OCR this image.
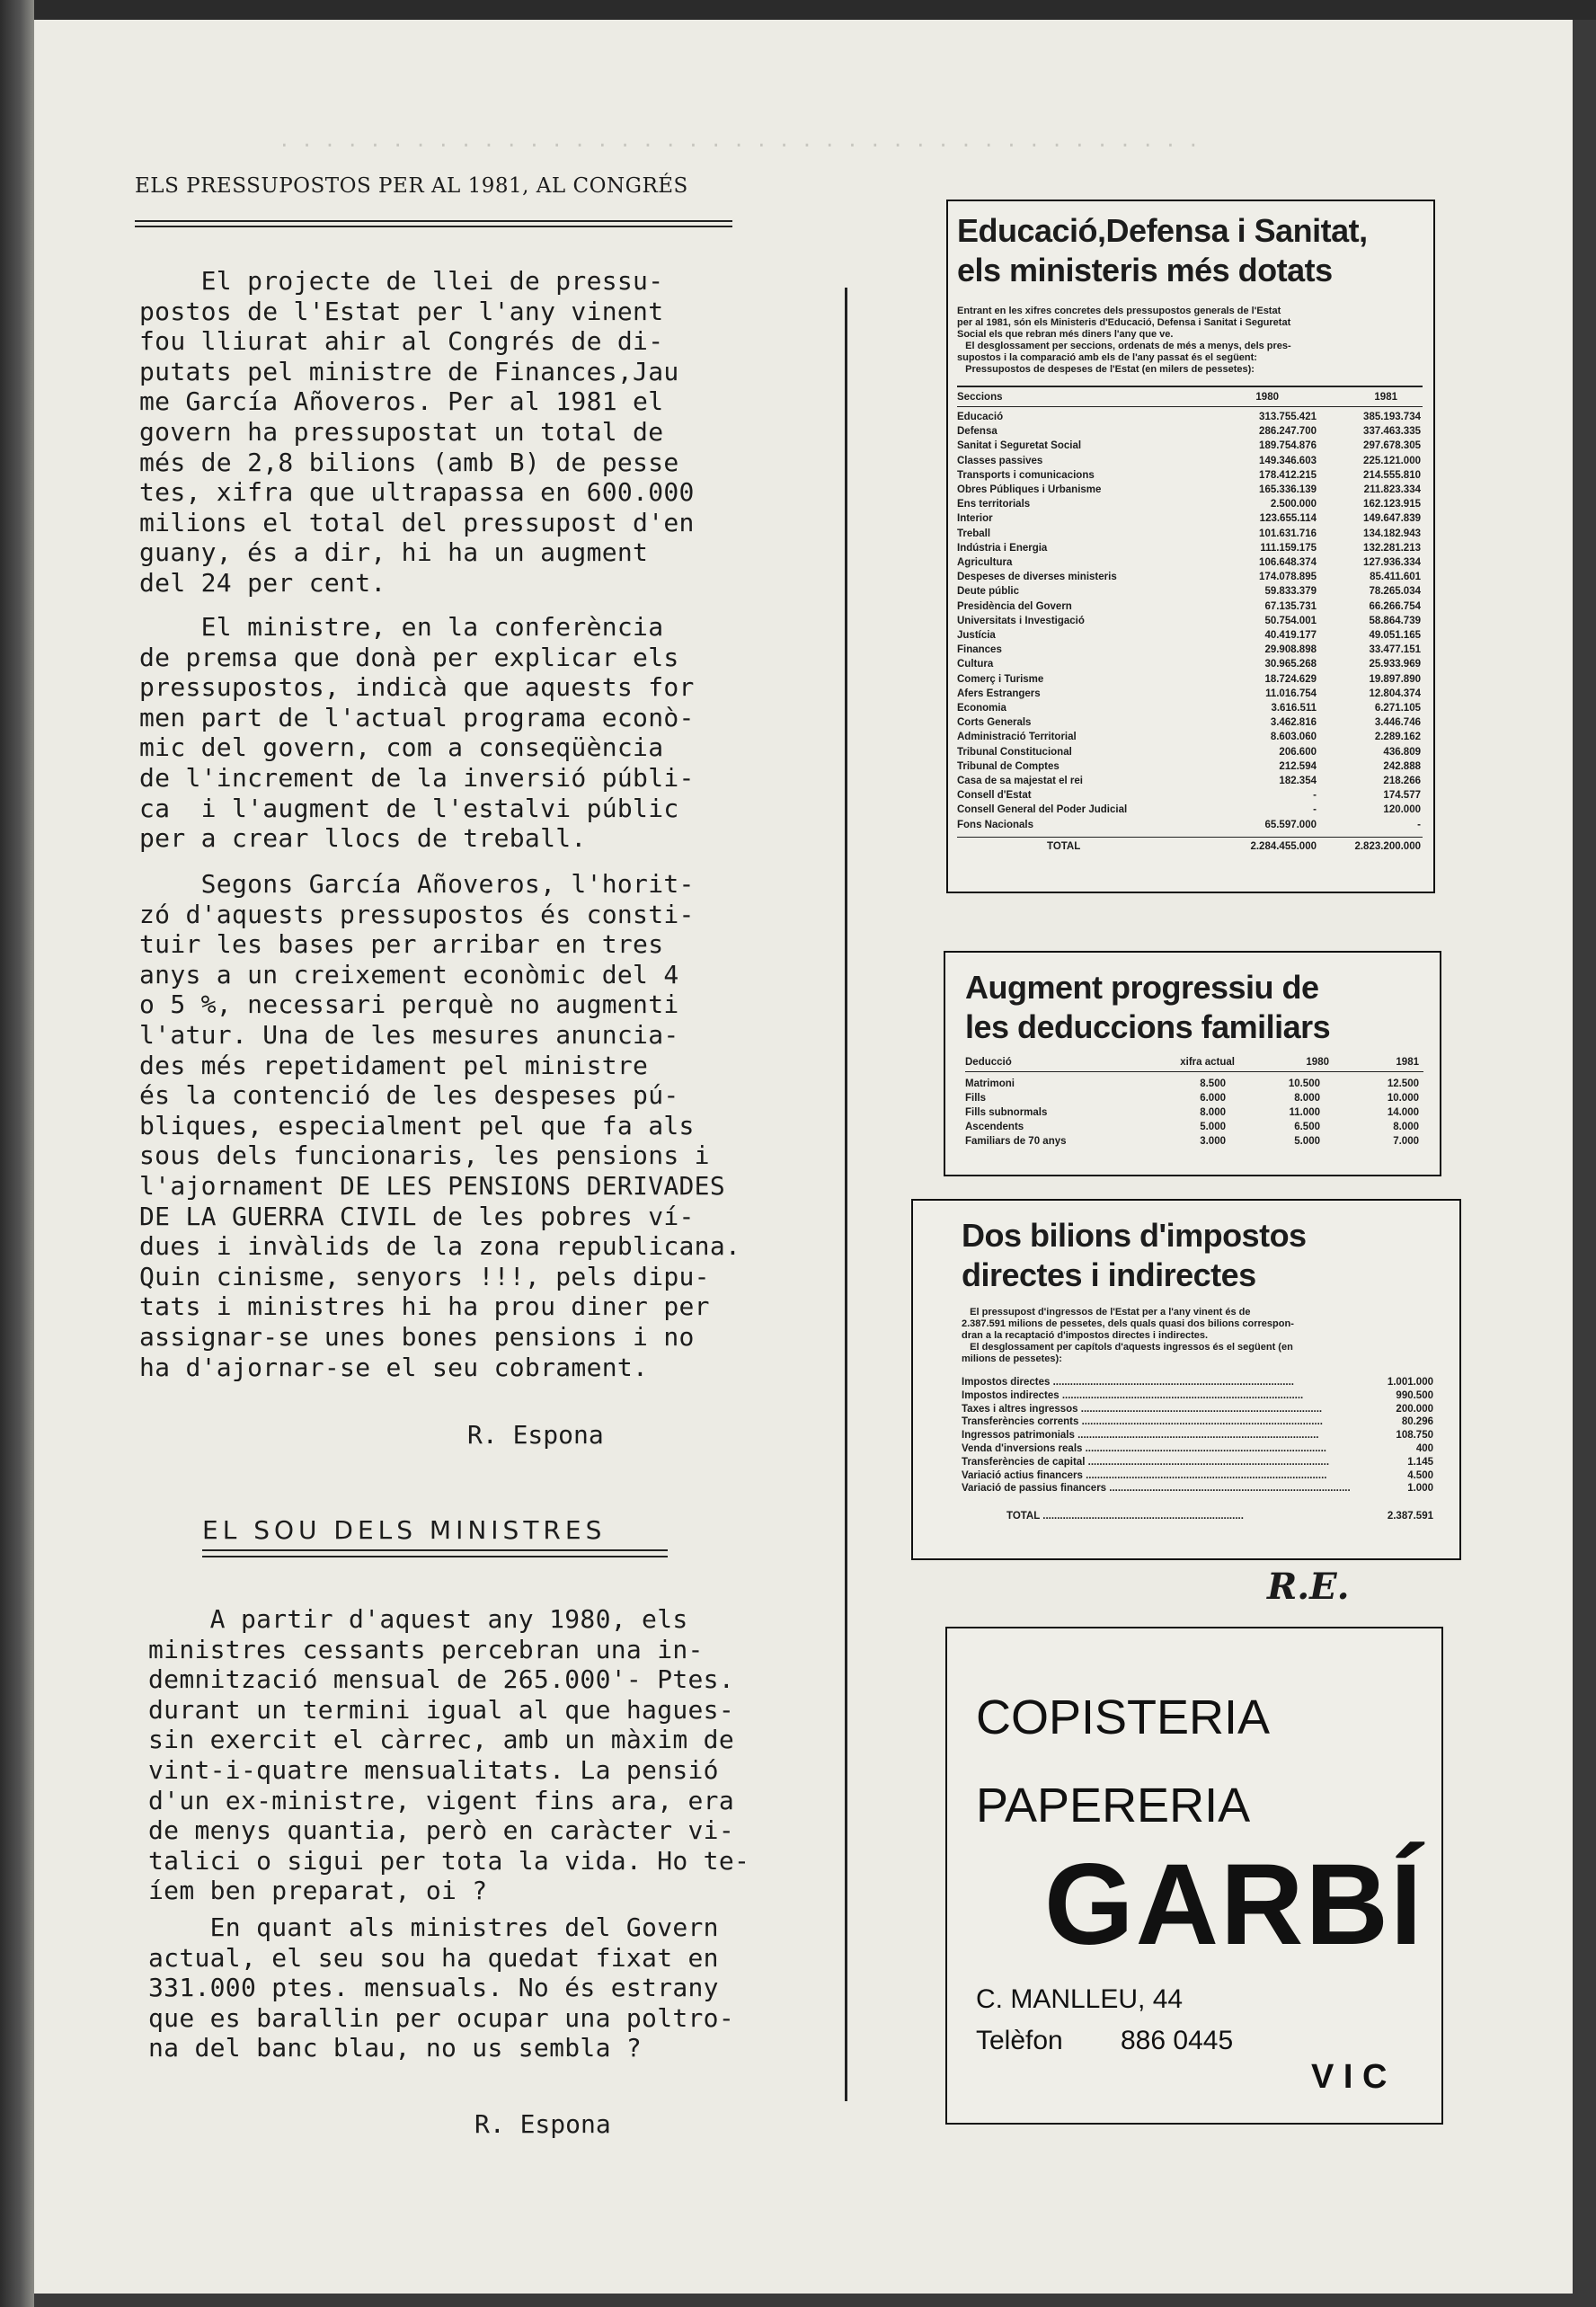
· · · · · · · · · · · · · · · · · · · · · · · · · · · · · · · · · · · · · · · · ·
ELS PRESSUPOSTOS PER AL 1981, AL CONGRÉS
El projecte de llei de pressu-
postos de l'Estat per l'any vinent
fou lliurat ahir al Congrés de di-
putats pel ministre de Finances,Jau
me García Añoveros. Per al 1981 el
govern ha pressupostat un total de
més de 2,8 bilions (amb B) de pesse
tes, xifra que ultrapassa en 600.000
milions el total del pressupost d'en
guany, és a dir, hi ha un augment
del 24 per cent.
El ministre, en la conferència
de premsa que donà per explicar els
pressupostos, indicà que aquests for
men part de l'actual programa econò-
mic del govern, com a conseqüència
de l'increment de la inversió públi-
ca  i l'augment de l'estalvi públic
per a crear llocs de treball.
Segons García Añoveros, l'horit-
zó d'aquests pressupostos és consti-
tuir les bases per arribar en tres
anys a un creixement econòmic del 4
o 5 %, necessari perquè no augmenti
l'atur. Una de les mesures anuncia-
des més repetidament pel ministre
és la contenció de les despeses pú-
bliques, especialment pel que fa als
sous dels funcionaris, les pensions i
l'ajornament DE LES PENSIONS DERIVADES
DE LA GUERRA CIVIL de les pobres ví-
dues i invàlids de la zona republicana.
Quin cinisme, senyors !!!, pels dipu-
tats i ministres hi ha prou diner per
assignar-se unes bones pensions i no
ha d'ajornar-se el seu cobrament.
R. Espona
EL SOU DELS MINISTRES
A partir d'aquest any 1980, els
ministres cessants percebran una in-
demnització mensual de 265.000'- Ptes.
durant un termini igual al que hagues-
sin exercit el càrrec, amb un màxim de
vint-i-quatre mensualitats. La pensió
d'un ex-ministre, vigent fins ara, era
de menys quantia, però en caràcter vi-
talici o sigui per tota la vida. Ho te-
íem ben preparat, oi ?
En quant als ministres del Govern
actual, el seu sou ha quedat fixat en
331.000 ptes. mensuals. No és estrany
que es barallin per ocupar una poltro-
na del banc blau, no us sembla ?
R. Espona
Educació,Defensa i Sanitat,
els ministeris més dotats
Entrant en les xifres concretes dels pressupostos generals de l'Estat
per al 1981, són els Ministeris d'Educació, Defensa i Sanitat i Seguretat
Social els que rebran més diners l'any que ve.
El desglossament per seccions, ordenats de més a menys, dels pres-
supostos i la comparació amb els de l'any passat és el següent:
Pressupostos de despeses de l'Estat (en milers de pessetes):
Seccions	1980	1981
Educació	313.755.421	385.193.734
Defensa	286.247.700	337.463.335
Sanitat i Seguretat Social	189.754.876	297.678.305
Classes passives	149.346.603	225.121.000
Transports i comunicacions	178.412.215	214.555.810
Obres Públiques i Urbanisme	165.336.139	211.823.334
Ens territorials	2.500.000	162.123.915
Interior	123.655.114	149.647.839
Treball	101.631.716	134.182.943
Indústria i Energia	111.159.175	132.281.213
Agricultura	106.648.374	127.936.334
Despeses de diverses ministeris	174.078.895	85.411.601
Deute públic	59.833.379	78.265.034
Presidència del Govern	67.135.731	66.266.754
Universitats i Investigació	50.754.001	58.864.739
Justícia	40.419.177	49.051.165
Finances	29.908.898	33.477.151
Cultura	30.965.268	25.933.969
Comerç i Turisme	18.724.629	19.897.890
Afers Estrangers	11.016.754	12.804.374
Economia	3.616.511	6.271.105
Corts Generals	3.462.816	3.446.746
Administració Territorial	8.603.060	2.289.162
Tribunal Constitucional	206.600	436.809
Tribunal de Comptes	212.594	242.888
Casa de sa majestat el rei	182.354	218.266
Consell d'Estat	-	174.577
Consell General del Poder Judicial	-	120.000
Fons Nacionals	65.597.000	-
TOTAL	2.284.455.000	2.823.200.000
Augment progressiu de
les deduccions familiars
Deducció	xifra actual	1980	1981
Matrimoni	8.500	10.500	12.500
Fills	6.000	8.000	10.000
Fills subnormals	8.000	11.000	14.000
Ascendents	5.000	6.500	8.000
Familiars de 70 anys	3.000	5.000	7.000
Dos bilions d'impostos
directes i indirectes
El pressupost d'ingressos de l'Estat per a l'any vinent és de
2.387.591 milions de pessetes, dels quals quasi dos bilions correspon-
dran a la recaptació d'impostos directes i indirectes.
El desglossament per capítols d'aquests ingressos és el següent (en
milions de pessetes):
Impostos directes ....................................................................................	1.001.000
Impostos indirectes ....................................................................................	990.500
Taxes i altres ingressos ....................................................................................	200.000
Transferències corrents ....................................................................................	80.296
Ingressos patrimonials ....................................................................................	108.750
Venda d'inversions reals ....................................................................................	400
Transferències de capital ....................................................................................	1.145
Variació actius financers ....................................................................................	4.500
Variació de passius financers ....................................................................................	1.000
TOTAL ......................................................................	2.387.591
R.E.
COPISTERIA
PAPERERIA
GARBÍ
C. MANLLEU, 44
Telèfon 886 0445
V I C
